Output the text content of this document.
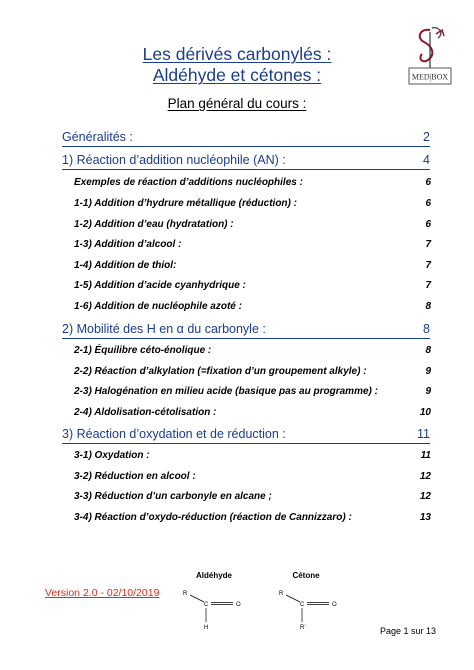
Les dérivés carbonylés :
Aldéhyde et cétones :	MED|BOX
Plan général du cours :
Généralités :	2
1) Réaction d’addition nucléophile (AN) :	4
Exemples de réaction d’additions nucléophiles :	6
1-1) Addition d’hydrure métallique (réduction) :	6
1-2) Addition d’eau (hydratation) :	6
1-3) Addition d’alcool :	7
1-4) Addition de thiol:	7
1-5) Addition d’acide cyanhydrique :	7
1-6) Addition de nucléophile azoté :	8
2) Mobilité des H en α du carbonyle :	8
2-1) Équilibre céto-énolique :	8
2-2) Réaction d’alkylation (=fixation d’un groupement alkyle) :	9
2-3) Halogénation en milieu acide (basique pas au programme) :	9
2-4) Aldolisation-cétolisation :	10
3) Réaction d’oxydation et de réduction :	11
3-1) Oxydation :	11
3-2) Réduction en alcool :	12
3-3) Réduction d’un carbonyle en alcane ;	12
3-4) Réaction d’oxydo-réduction (réaction de Cannizzaro) :	13
Version 2.0 - 02/10/2019
Aldéhyde
R
C	O
H
Cétone
R
C	O
R’	Page 1 sur 13
